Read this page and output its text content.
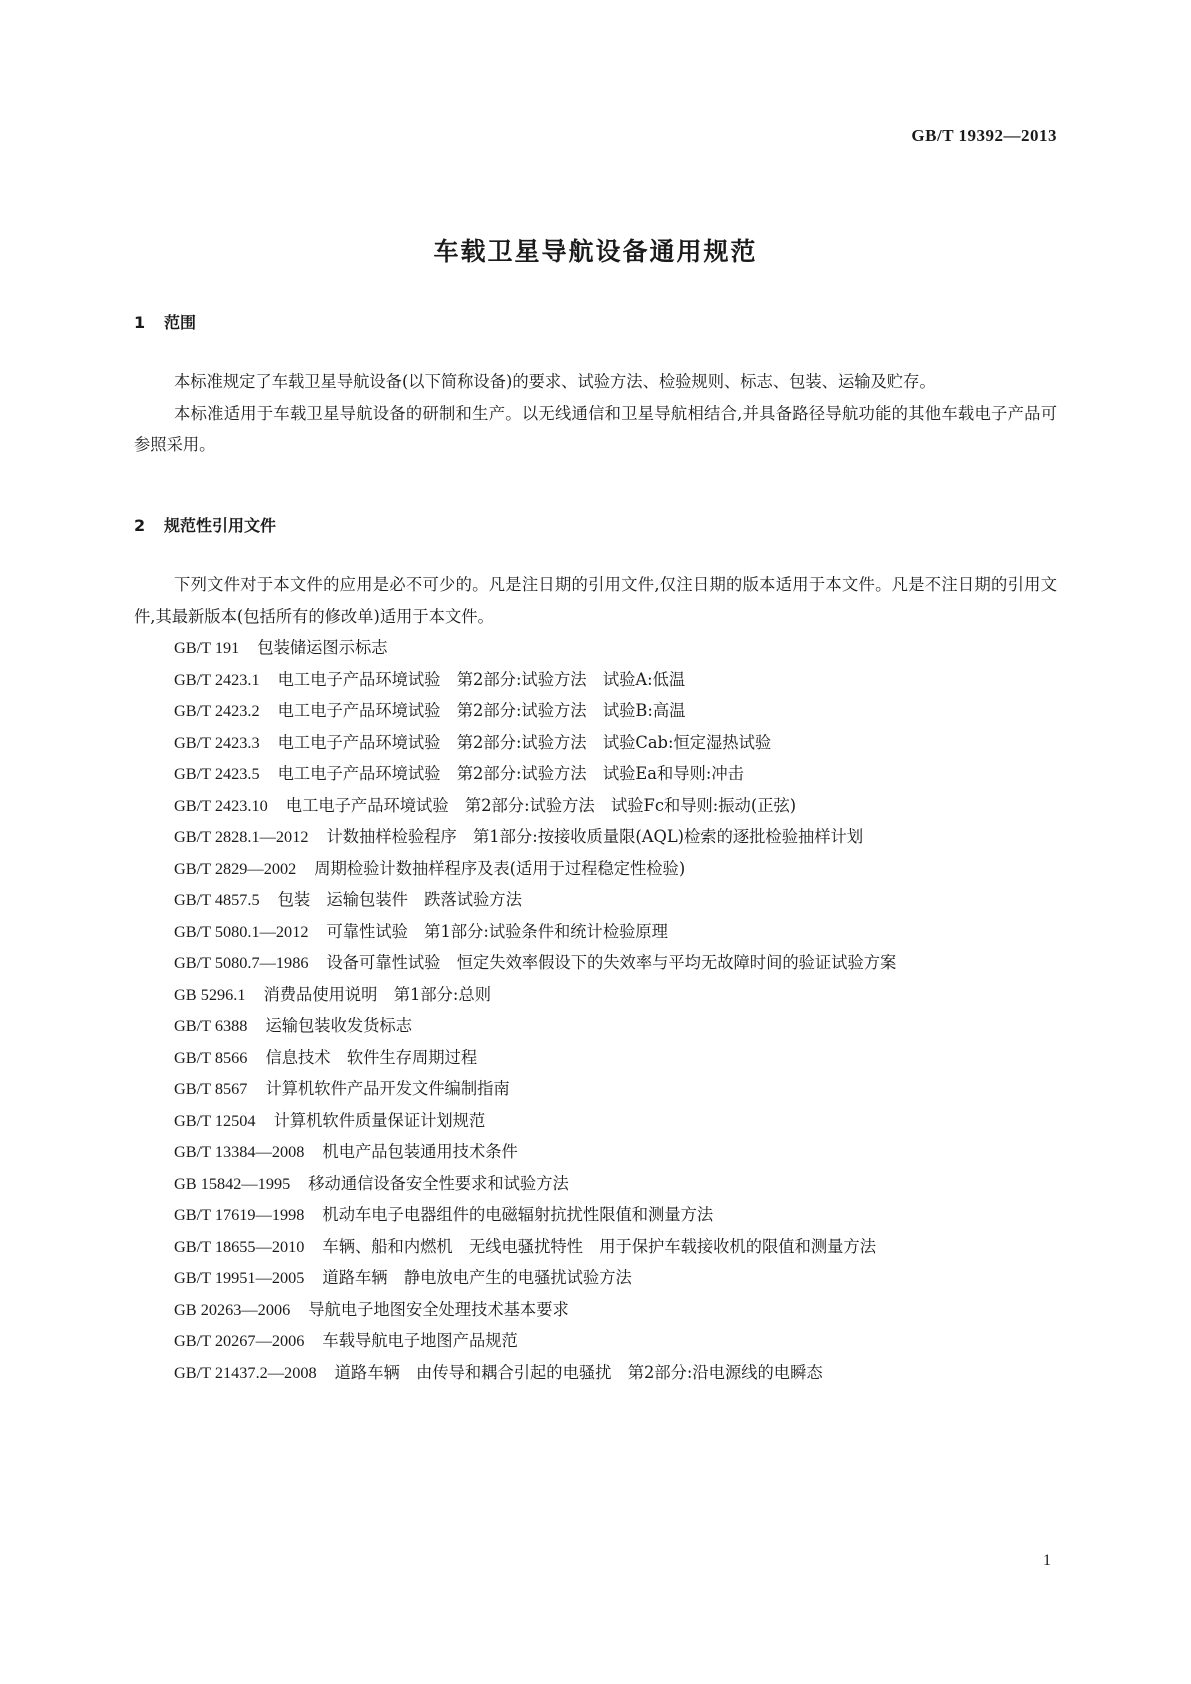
GB/T 19392—2013
车载卫星导航设备通用规范
1 范围

本标准规定了车载卫星导航设备(以下简称设备)的要求、试验方法、检验规则、标志、包装、运输及贮存。

本标准适用于车载卫星导航设备的研制和生产。以无线通信和卫星导航相结合,并具备路径导航功能的其他车载电子产品可参照采用。

2 规范性引用文件

下列文件对于本文件的应用是必不可少的。凡是注日期的引用文件,仅注日期的版本适用于本文件。凡是不注日期的引用文件,其最新版本(包括所有的修改单)适用于本文件。

GB/T 191 包装储运图示标志
GB/T 2423.1 电工电子产品环境试验　第2部分:试验方法　试验A:低温
GB/T 2423.2 电工电子产品环境试验　第2部分:试验方法　试验B:高温
GB/T 2423.3 电工电子产品环境试验　第2部分:试验方法　试验Cab:恒定湿热试验
GB/T 2423.5 电工电子产品环境试验　第2部分:试验方法　试验Ea和导则:冲击
GB/T 2423.10 电工电子产品环境试验　第2部分:试验方法　试验Fc和导则:振动(正弦)
GB/T 2828.1—2012 计数抽样检验程序　第1部分:按接收质量限(AQL)检索的逐批检验抽样计划
GB/T 2829—2002 周期检验计数抽样程序及表(适用于过程稳定性检验)
GB/T 4857.5 包装　运输包装件　跌落试验方法
GB/T 5080.1—2012 可靠性试验　第1部分:试验条件和统计检验原理
GB/T 5080.7—1986 设备可靠性试验　恒定失效率假设下的失效率与平均无故障时间的验证试验方案
GB 5296.1 消费品使用说明　第1部分:总则
GB/T 6388 运输包装收发货标志
GB/T 8566 信息技术　软件生存周期过程
GB/T 8567 计算机软件产品开发文件编制指南
GB/T 12504 计算机软件质量保证计划规范
GB/T 13384—2008 机电产品包装通用技术条件
GB 15842—1995 移动通信设备安全性要求和试验方法
GB/T 17619—1998 机动车电子电器组件的电磁辐射抗扰性限值和测量方法
GB/T 18655—2010 车辆、船和内燃机　无线电骚扰特性　用于保护车载接收机的限值和测量方法
GB/T 19951—2005 道路车辆　静电放电产生的电骚扰试验方法
GB 20263—2006 导航电子地图安全处理技术基本要求
GB/T 20267—2006 车载导航电子地图产品规范
GB/T 21437.2—2008 道路车辆　由传导和耦合引起的电骚扰　第2部分:沿电源线的电瞬态
1
